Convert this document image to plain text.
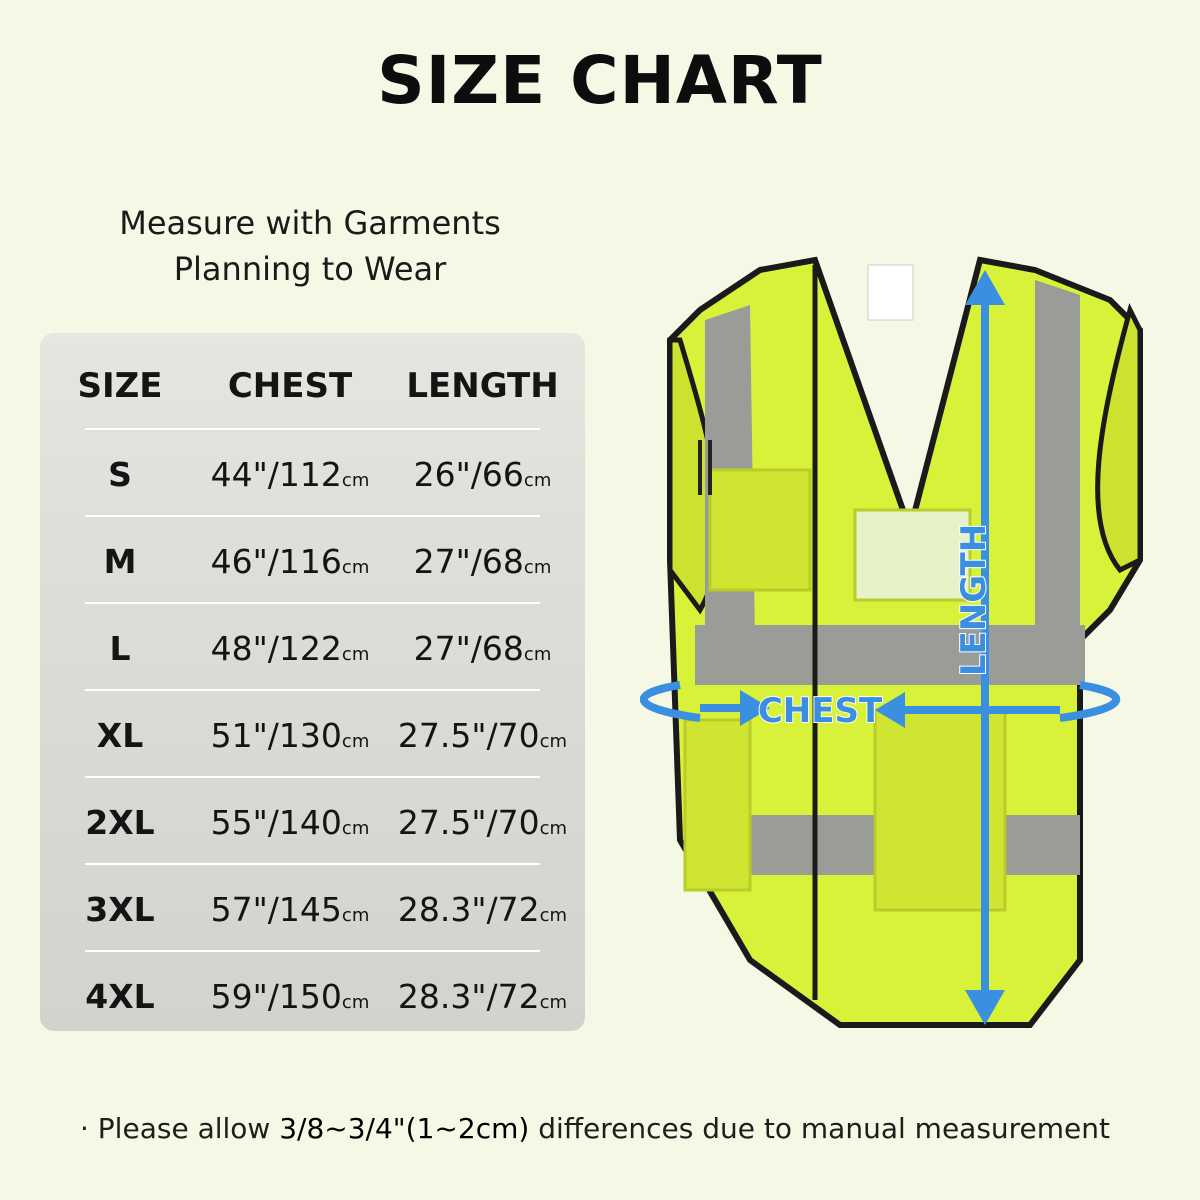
SIZE CHART
Measure with Garments
Planning to Wear
SIZE	CHEST	LENGTH
S	44"/112cm	26"/66cm
M	46"/116cm	27"/68cm
L	48"/122cm	27"/68cm
XL	51"/130cm 27.5"/70cm
2XL	55"/140cm 27.5"/70cm
3XL	57"/145cm 28.3"/72cm
4XL	59"/150cm 28.3"/72cm
LENGTH
CHEST
· Please allow 3/8~3/4"(1~2cm) differences due to manual measurement
